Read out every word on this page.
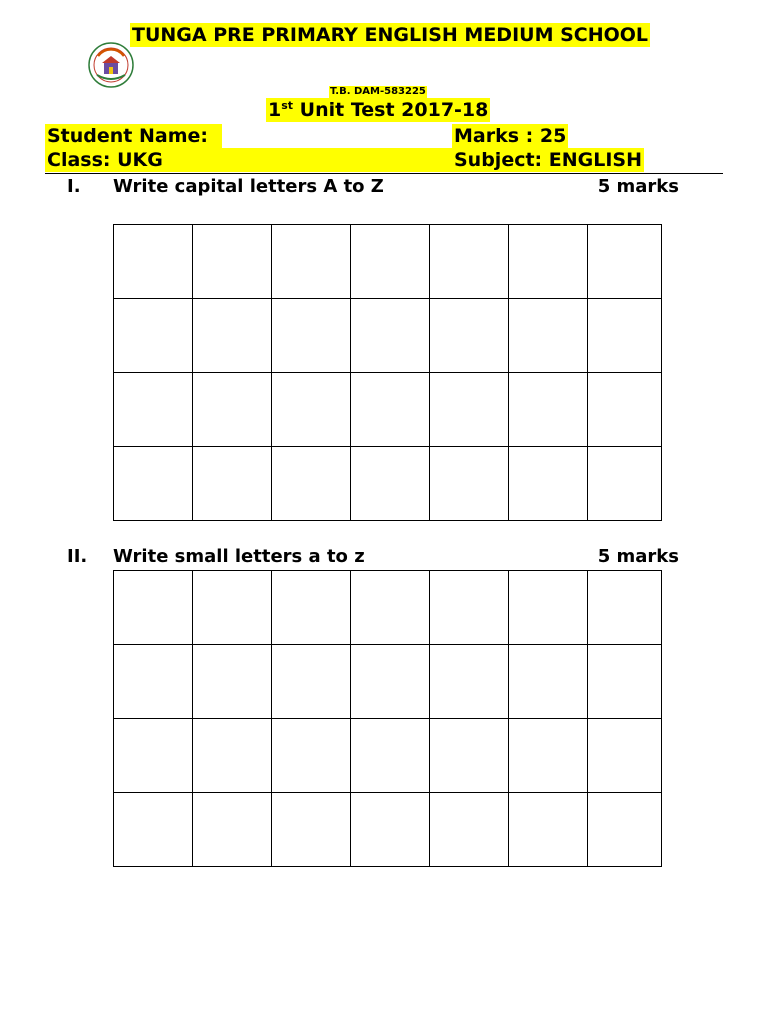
TUNGA PRE PRIMARY ENGLISH MEDIUM SCHOOL
T.B. DAM-583225
1st Unit Test 2017-18
Student Name:	Marks : 25
Class: UKG	Subject: ENGLISH
I. Write capital letters A to Z	5 marks

II. Write small letters a to z	5 marks
